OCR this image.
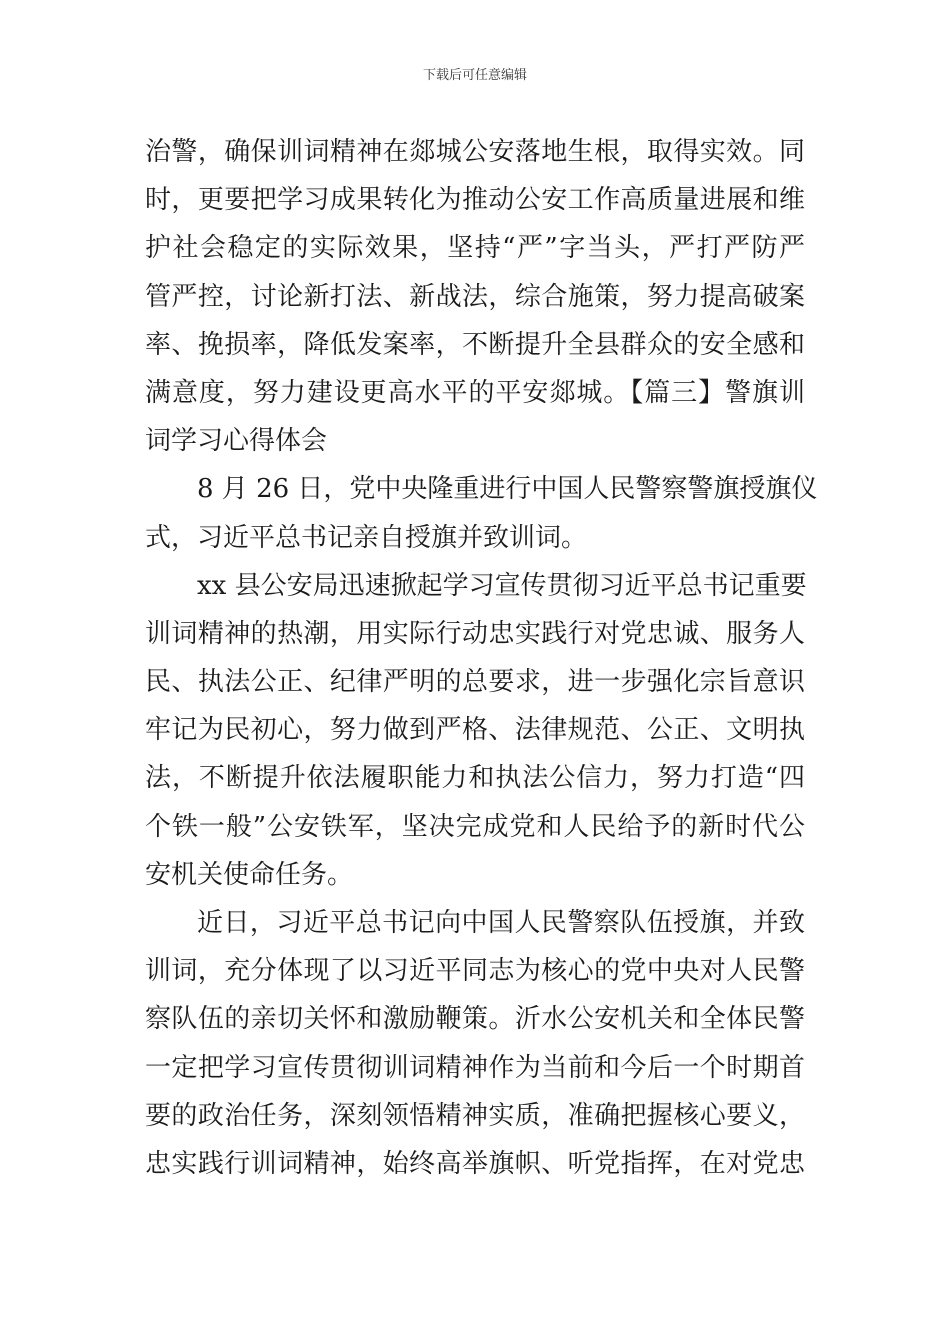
下载后可任意编辑
治警，确保训词精神在郯城公安落地生根，取得实效。同
时，更要把学习成果转化为推动公安工作高质量进展和维
护社会稳定的实际效果，坚持“严”字当头，严打严防严
管严控，讨论新打法、新战法，综合施策，努力提高破案
率、挽损率，降低发案率，不断提升全县群众的安全感和
满意度，努力建设更高水平的平安郯城。【篇三】警旗训
词学习心得体会
8 月 26 日，党中央隆重进行中国人民警察警旗授旗仪
式，习近平总书记亲自授旗并致训词。
xx 县公安局迅速掀起学习宣传贯彻习近平总书记重要
训词精神的热潮，用实际行动忠实践行对党忠诚、服务人
民、执法公正、纪律严明的总要求，进一步强化宗旨意识
牢记为民初心，努力做到严格、法律规范、公正、文明执
法，不断提升依法履职能力和执法公信力，努力打造“四
个铁一般”公安铁军，坚决完成党和人民给予的新时代公
安机关使命任务。
近日，习近平总书记向中国人民警察队伍授旗，并致
训词，充分体现了以习近平同志为核心的党中央对人民警
察队伍的亲切关怀和激励鞭策。沂水公安机关和全体民警
一定把学习宣传贯彻训词精神作为当前和今后一个时期首
要的政治任务，深刻领悟精神实质，准确把握核心要义，
忠实践行训词精神，始终高举旗帜、听党指挥，在对党忠
